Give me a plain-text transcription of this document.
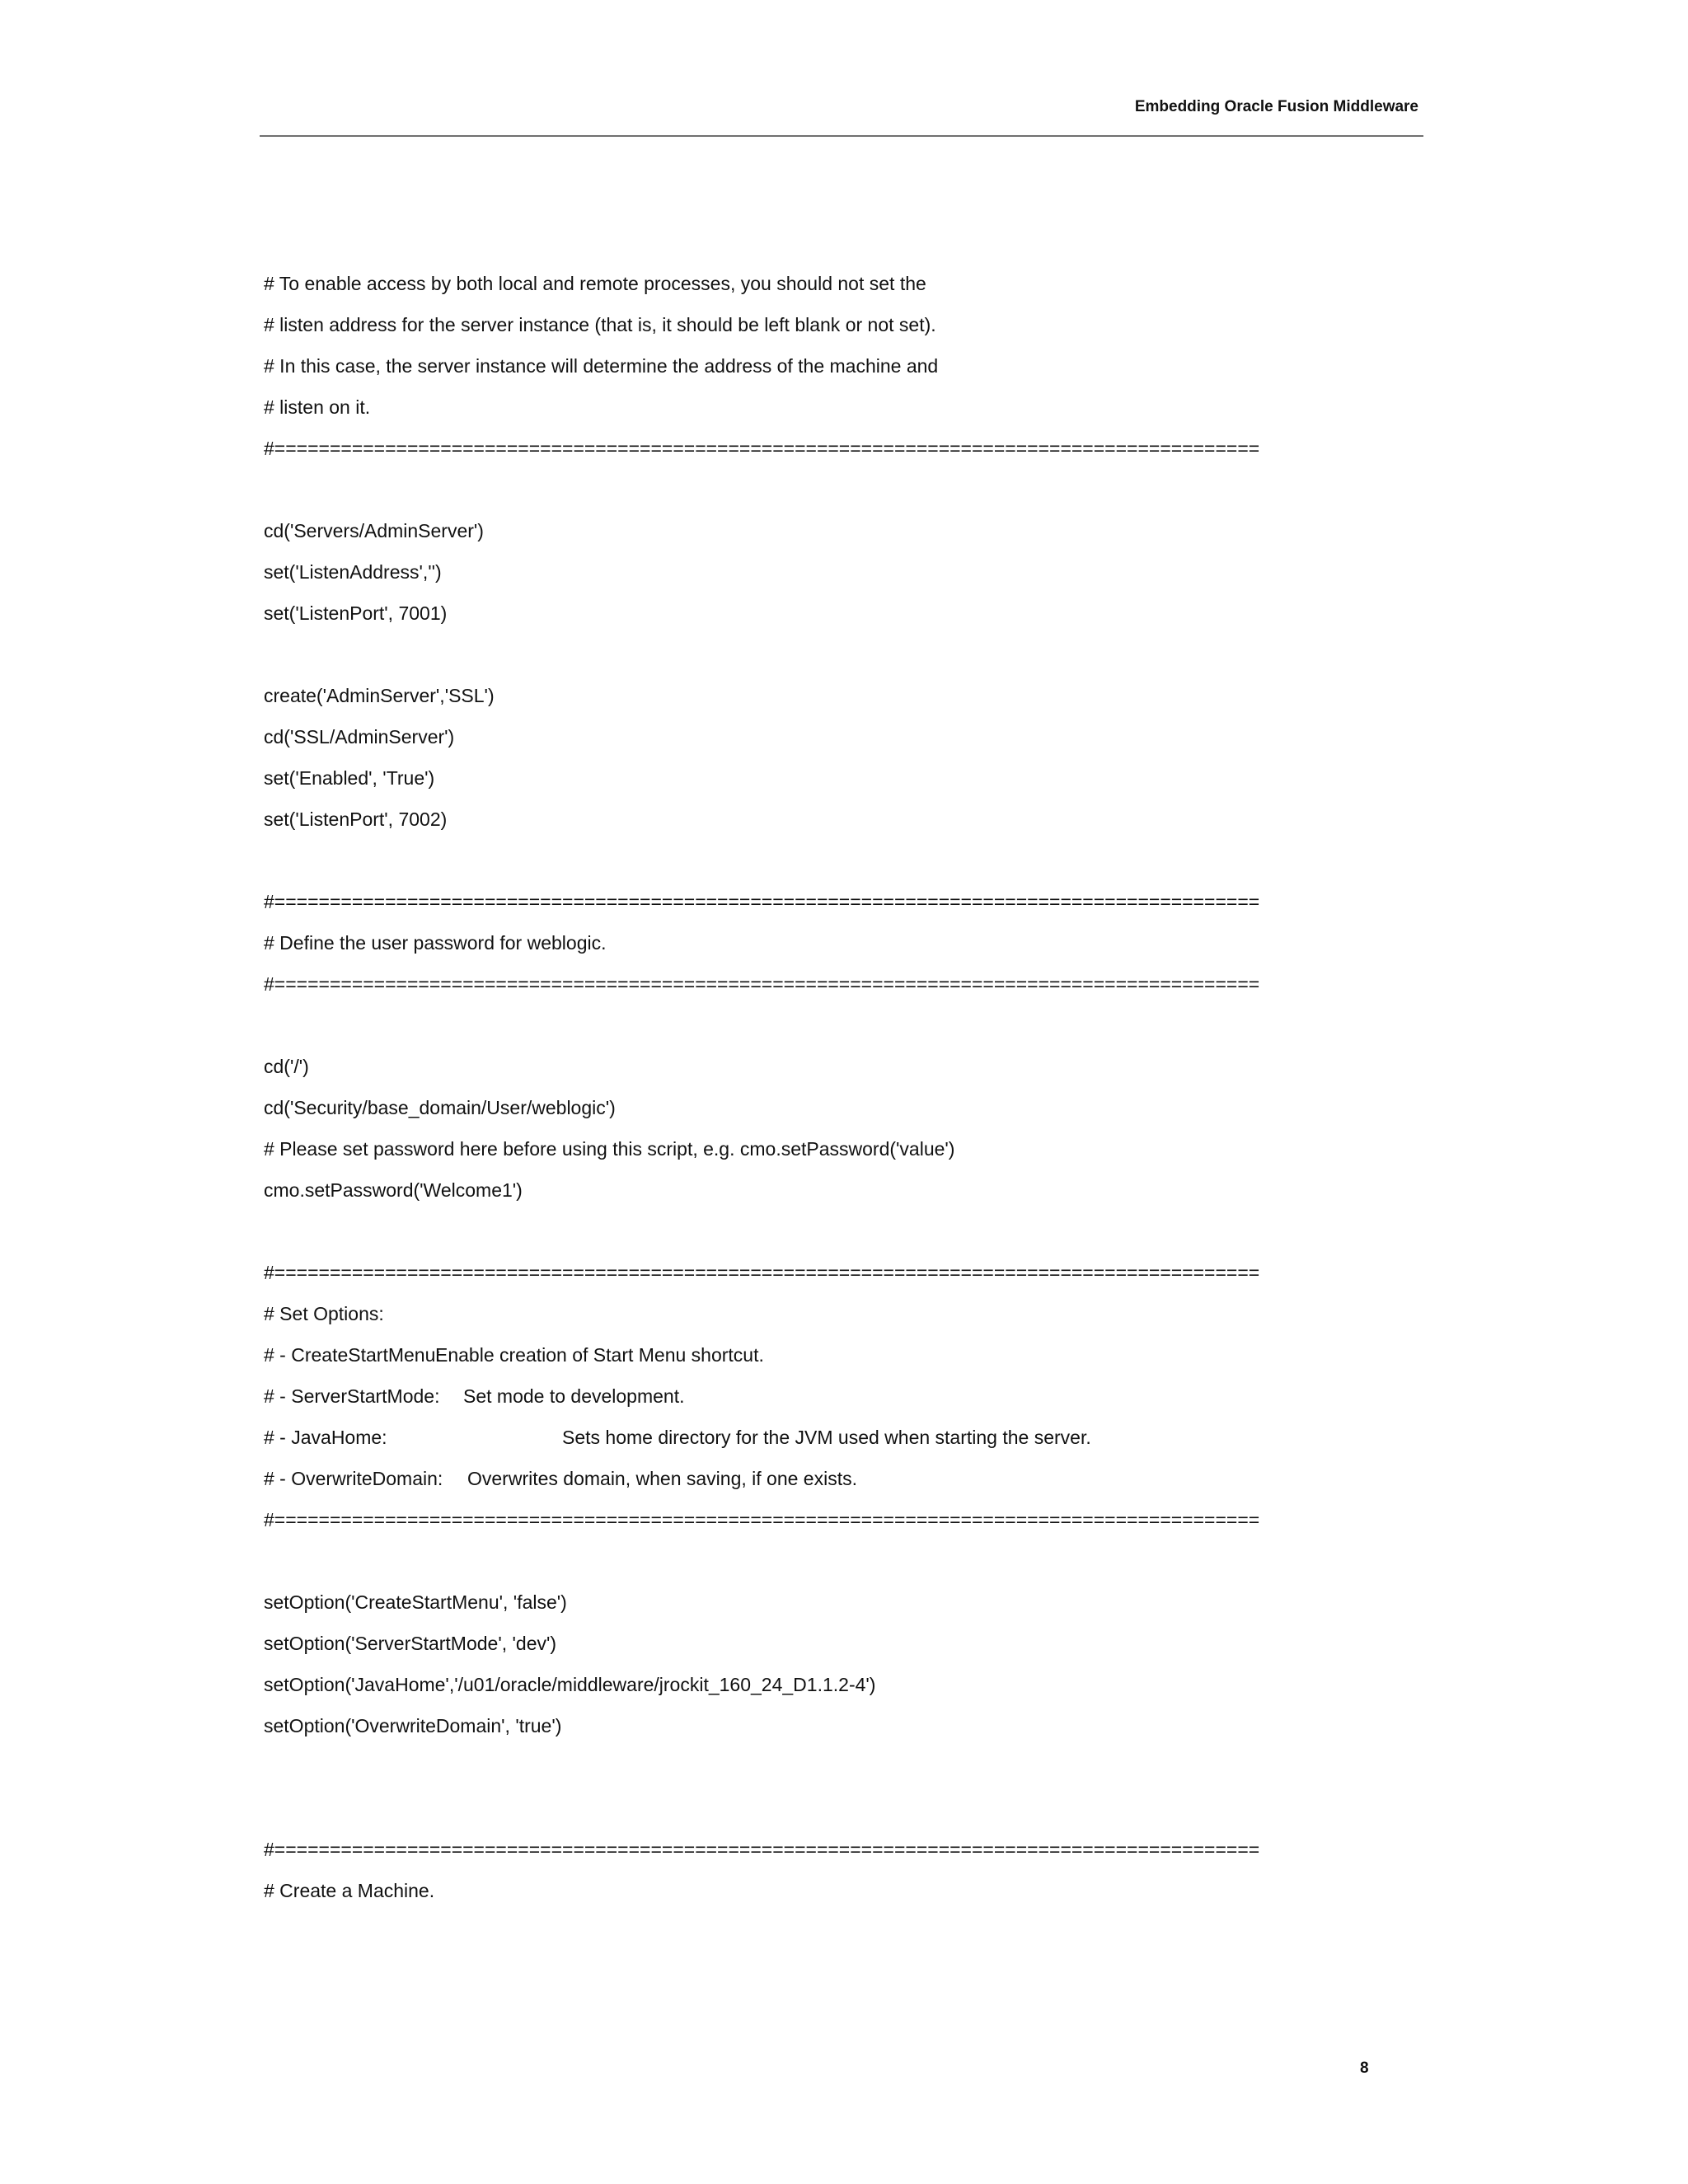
Embedding Oracle Fusion Middleware
# To enable access by both local and remote processes, you should not set the
# listen address for the server instance (that is, it should be left blank or not set).
# In this case, the server instance will determine the address of the machine and
# listen on it.
#=========================================================================================
cd('Servers/AdminServer')
set('ListenAddress','')
set('ListenPort', 7001)
create('AdminServer','SSL')
cd('SSL/AdminServer')
set('Enabled', 'True')
set('ListenPort', 7002)
#=========================================================================================
# Define the user password for weblogic.
#=========================================================================================
cd('/')
cd('Security/base_domain/User/weblogic')
# Please set password here before using this script, e.g. cmo.setPassword('value')
cmo.setPassword('Welcome1')
#=========================================================================================
# Set Options:
# - CreateStartMenu:Enable creation of Start Menu shortcut.
# - ServerStartMode: Set mode to development.
# - JavaHome:	Sets home directory for the JVM used when starting the server.
# - OverwriteDomain: Overwrites domain, when saving, if one exists.
#=========================================================================================
setOption('CreateStartMenu', 'false')
setOption('ServerStartMode', 'dev')
setOption('JavaHome','/u01/oracle/middleware/jrockit_160_24_D1.1.2-4')
setOption('OverwriteDomain', 'true')
#=========================================================================================
# Create a Machine.
8
